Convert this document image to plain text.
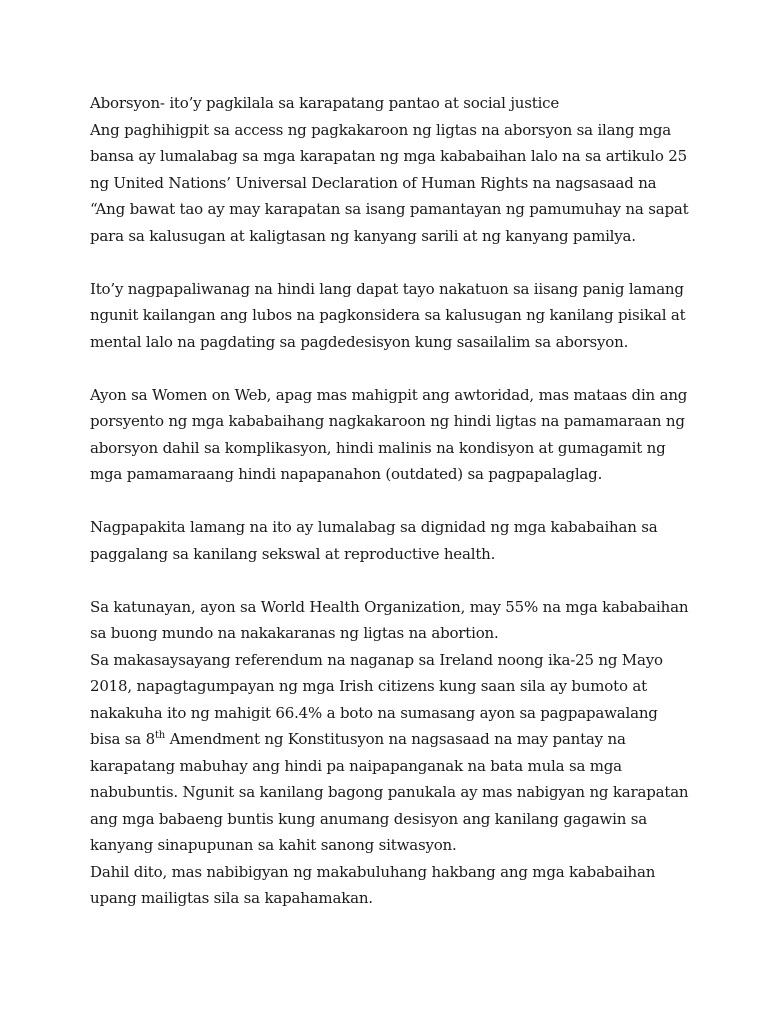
Aborsyon- ito’y pagkilala sa karapatang pantao at social justice
Ang paghihigpit sa access ng pagkakaroon ng ligtas na aborsyon sa ilang mga bansa ay lumalabag sa mga karapatan ng mga kababaihan lalo na sa artikulo 25 ng United Nations’ Universal Declaration of Human Rights na nagsasaad na “Ang bawat tao ay may karapatan sa isang pamantayan ng pamumuhay na sapat para sa kalusugan at kaligtasan ng kanyang sarili at ng kanyang pamilya.
Ito’y nagpapaliwanag na hindi lang dapat tayo nakatuon sa iisang panig lamang ngunit kailangan ang lubos na pagkonsidera sa kalusugan ng kanilang pisikal at mental lalo na pagdating sa pagdedesisyon kung sasailalim sa aborsyon.
Ayon sa Women on Web, apag mas mahigpit ang awtoridad, mas mataas din ang porsyento ng mga kababaihang nagkakaroon ng hindi ligtas na pamamaraan ng aborsyon dahil sa komplikasyon, hindi malinis na kondisyon at gumagamit ng mga pamamaraang hindi napapanahon (outdated) sa pagpapalaglag.
Nagpapakita lamang na ito ay lumalabag sa dignidad ng mga kababaihan sa paggalang sa kanilang sekswal at reproductive health.
Sa katunayan, ayon sa World Health Organization, may 55% na mga kababaihan sa buong mundo na nakakaranas ng ligtas na abortion.
Sa makasaysayang referendum na naganap sa Ireland noong ika-25 ng Mayo 2018, napagtagumpayan ng mga Irish citizens kung saan sila ay bumoto at nakakuha ito ng mahigit 66.4% a boto na sumasang ayon sa pagpapawalang bisa sa 8th Amendment ng Konstitusyon na nagsasaad na may pantay na karapatang mabuhay ang hindi pa naipapanganak na bata mula sa mga nabubuntis. Ngunit sa kanilang bagong panukala ay mas nabigyan ng karapatan ang mga babaeng buntis kung anumang desisyon ang kanilang gagawin sa kanyang sinapupunan sa kahit sanong sitwasyon.
Dahil dito, mas nabibigyan ng makabuluhang hakbang ang mga kababaihan upang mailigtas sila sa kapahamakan.
